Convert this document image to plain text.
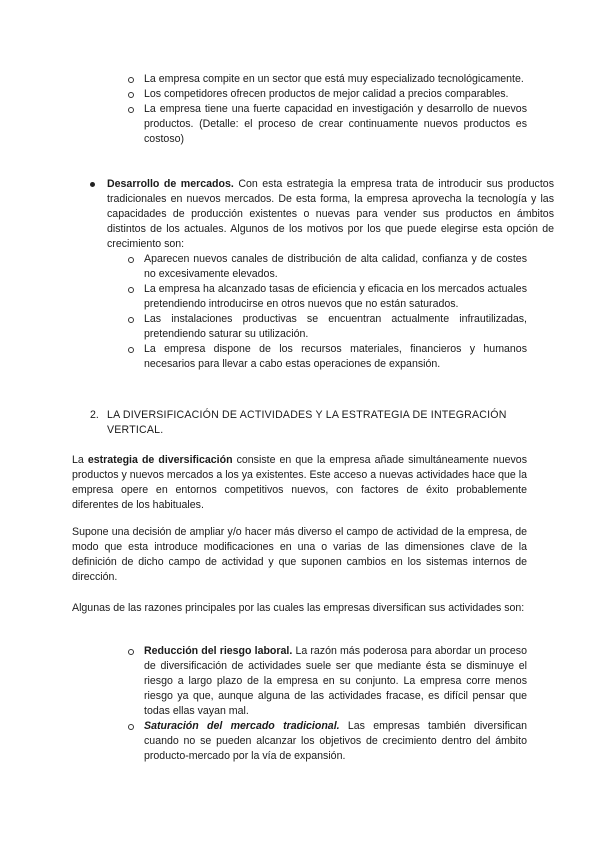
La empresa compite en un sector que está muy especializado tecnológicamente.
Los competidores ofrecen productos de mejor calidad a precios comparables.
La empresa tiene una fuerte capacidad en investigación y desarrollo de nuevos productos. (Detalle: el proceso de crear continuamente nuevos productos es costoso)
Desarrollo de mercados. Con esta estrategia la empresa trata de introducir sus productos tradicionales en nuevos mercados. De esta forma, la empresa aprovecha la tecnología y las capacidades de producción existentes o nuevas para vender sus productos en ámbitos distintos de los actuales. Algunos de los motivos por los que puede elegirse esta opción de crecimiento son:
Aparecen nuevos canales de distribución de alta calidad, confianza y de costes no excesivamente elevados.
La empresa ha alcanzado tasas de eficiencia y eficacia en los mercados actuales pretendiendo introducirse en otros nuevos que no están saturados.
Las instalaciones productivas se encuentran actualmente infrautilizadas, pretendiendo saturar su utilización.
La empresa dispone de los recursos materiales, financieros y humanos necesarios para llevar a cabo estas operaciones de expansión.
2. LA DIVERSIFICACIÓN DE ACTIVIDADES Y LA ESTRATEGIA DE INTEGRACIÓN VERTICAL.

La estrategia de diversificación consiste en que la empresa añade simultáneamente nuevos productos y nuevos mercados a los ya existentes. Este acceso a nuevas actividades hace que la empresa opere en entornos competitivos nuevos, con factores de éxito probablemente diferentes de los habituales.

Supone una decisión de ampliar y/o hacer más diverso el campo de actividad de la empresa, de modo que esta introduce modificaciones en una o varias de las dimensiones clave de la definición de dicho campo de actividad y que suponen cambios en los sistemas internos de dirección.

Algunas de las razones principales por las cuales las empresas diversifican sus actividades son:

Reducción del riesgo laboral. La razón más poderosa para abordar un proceso de diversificación de actividades suele ser que mediante ésta se disminuye el riesgo a largo plazo de la empresa en su conjunto. La empresa corre menos riesgo ya que, aunque alguna de las actividades fracase, es difícil pensar que todas ellas vayan mal.
Saturación del mercado tradicional. Las empresas también diversifican cuando no se pueden alcanzar los objetivos de crecimiento dentro del ámbito producto-mercado por la vía de expansión.
